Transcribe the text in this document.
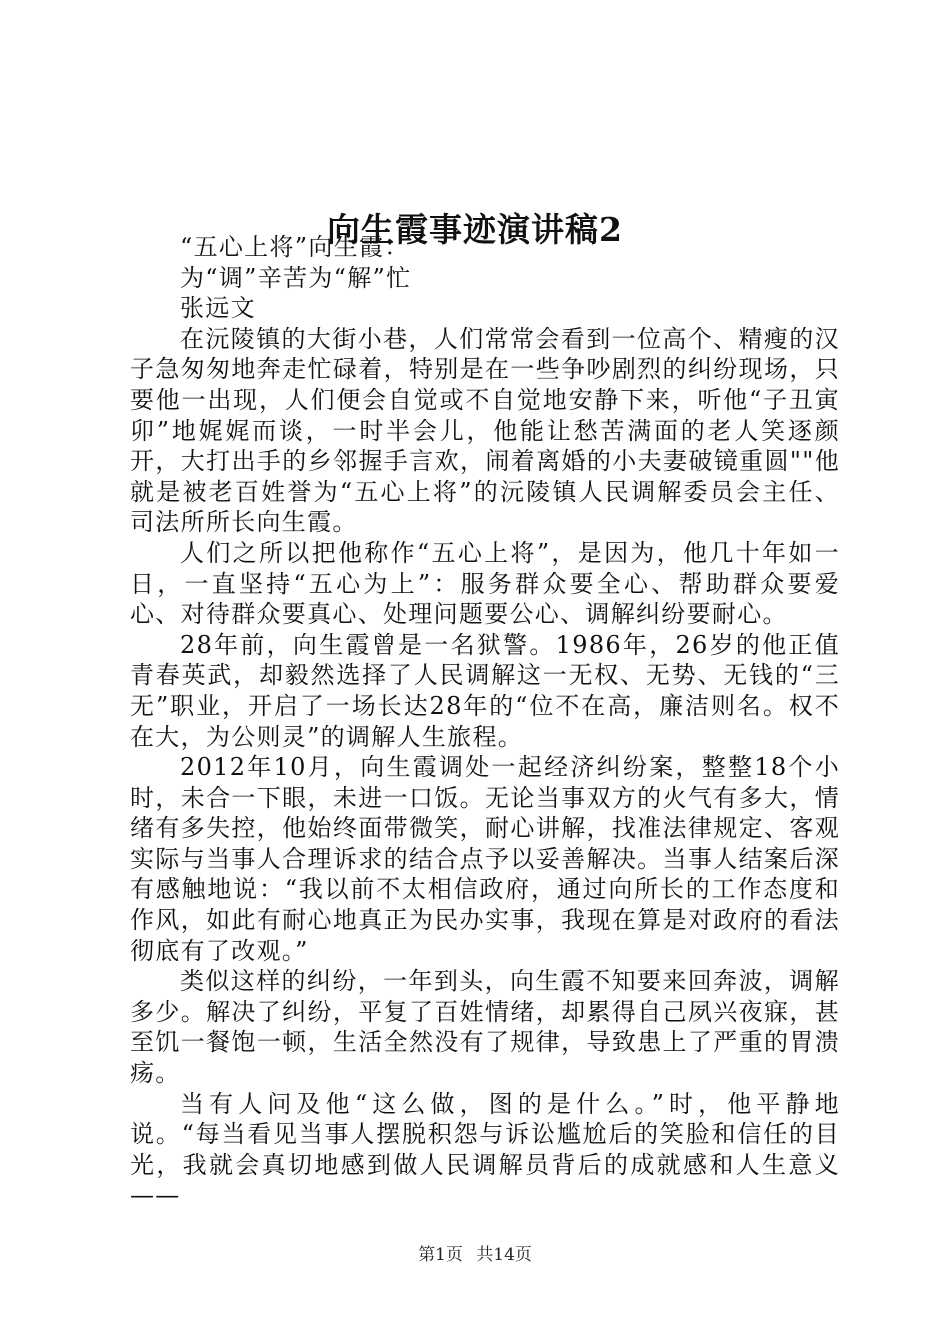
向生霞事迹演讲稿2

“五心上将”向生霞：

为“调”辛苦为“解”忙

张远文

在沅陵镇的大街小巷，人们常常会看到一位高个、精瘦的汉子急匆匆地奔走忙碌着，特别是在一些争吵剧烈的纠纷现场，只要他一出现，人们便会自觉或不自觉地安静下来，听他“子丑寅卯”地娓娓而谈，一时半会儿，他能让愁苦满面的老人笑逐颜开，大打出手的乡邻握手言欢，闹着离婚的小夫妻破镜重圆""他就是被老百姓誉为“五心上将”的沅陵镇人民调解委员会主任、司法所所长向生霞。

人们之所以把他称作“五心上将”，是因为，他几十年如一日，一直坚持“五心为上”：服务群众要全心、帮助群众要爱心、对待群众要真心、处理问题要公心、调解纠纷要耐心。

28年前，向生霞曾是一名狱警。1986年，26岁的他正值青春英武，却毅然选择了人民调解这一无权、无势、无钱的“三无”职业，开启了一场长达28年的“位不在高，廉洁则名。权不在大，为公则灵”的调解人生旅程。

2012年10月，向生霞调处一起经济纠纷案，整整18个小时，未合一下眼，未进一口饭。无论当事双方的火气有多大，情绪有多失控，他始终面带微笑，耐心讲解，找准法律规定、客观实际与当事人合理诉求的结合点予以妥善解决。当事人结案后深有感触地说：“我以前不太相信政府，通过向所长的工作态度和作风，如此有耐心地真正为民办实事，我现在算是对政府的看法彻底有了改观。”

类似这样的纠纷，一年到头，向生霞不知要来回奔波，调解多少。解决了纠纷，平复了百姓情绪，却累得自己夙兴夜寐，甚至饥一餐饱一顿，生活全然没有了规律，导致患上了严重的胃溃疡。

当有人问及他“这么做，图的是什么。”时，他平静地说。“每当看见当事人摆脱积怨与诉讼尴尬后的笑脸和信任的目光，我就会真切地感到做人民调解员背后的成就感和人生意义——

第1页 共14页
